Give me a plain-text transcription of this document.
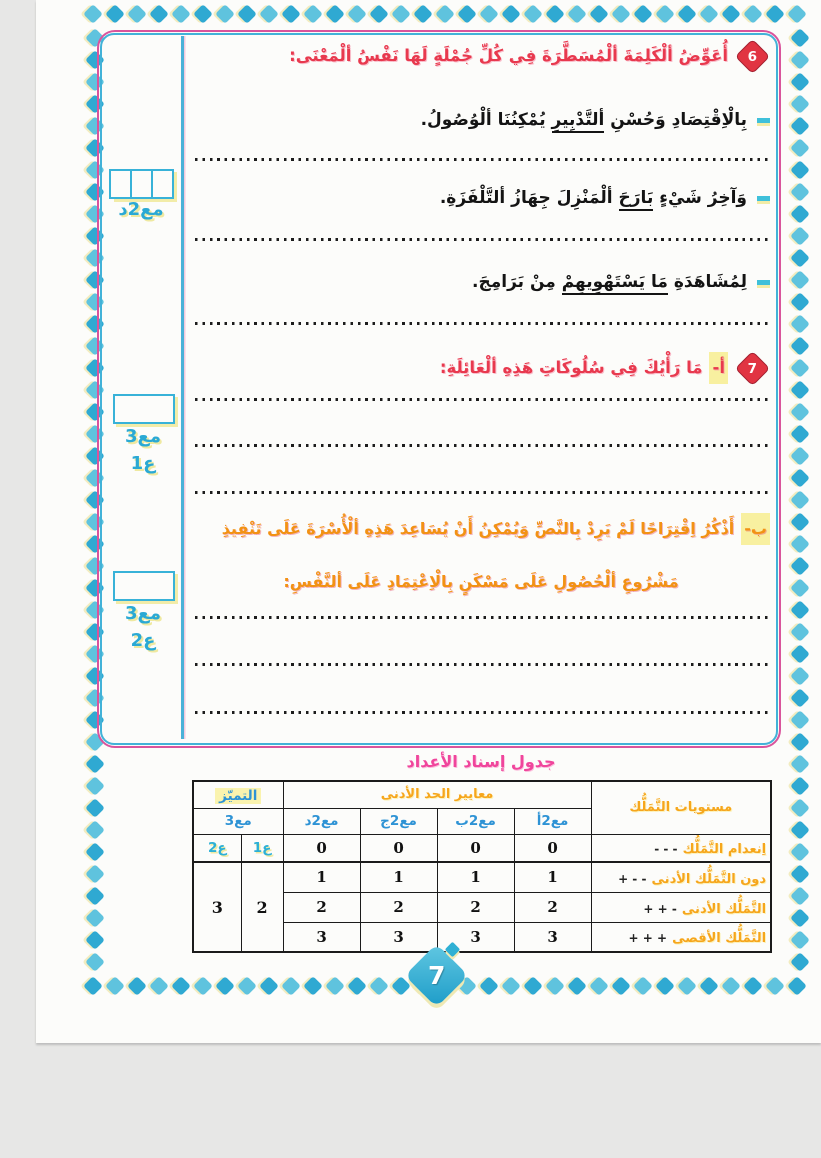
مع2د
مع3
ع1
مع3
ع2
6
أُعَوِّضُ ألْكَلِمَةَ ألْمُسَطَّرَةَ فِي كُلِّ جُمْلَةٍ لَهَا نَفْسُ ألْمَعْنَى:
بِالْاِقْتِصَادِ وَحُسْنِ ألتَّدْبِيرِ يُمْكِنُنَا ألْوُصُولُ.
وَآخِرُ شَيْءٍ بَارَحَ ألْمَنْزِلَ جِهَازُ ألتَّلْفَزَةِ.
لِمُشَاهَدَةِ مَا يَسْتَهْوِيهِمْ مِنْ بَرَامِجَ.
7
أ-
مَا رَأْيُكَ فِي سُلُوكَاتِ هَذِهِ ألْعَائِلَةِ:
ب-
أَذْكُرُ اِقْتِرَاحًا لَمْ يَرِدْ بِالنَّصِّ وَيُمْكِنُ أَنْ يُسَاعِدَ هَذِهِ ألْأُسْرَةَ عَلَى تَنْفِيذِ
مَشْرُوعِ ألْحُصُولِ عَلَى مَسْكَنٍ بِالْاِعْتِمَادِ عَلَى ألنَّفْسِ:
جدول إسناد الأعداد
مستويات التَّمَلُّك	معايير الحد الأدنى				التميّز	
	مع2أ	مع2ب	مع2ج	مع2د	مع3	
اِنعدام التَّمَلُّك - - -	0	0	0	0	ع1	ع2
دون التَّمَلُّك الأدنى + - -	1	1	1	1	2	3
التَّمَلُّك الأدنى + + -	2	2	2	2		
التَّمَلُّك الأقصى + + +	3	3	3	3		
7
